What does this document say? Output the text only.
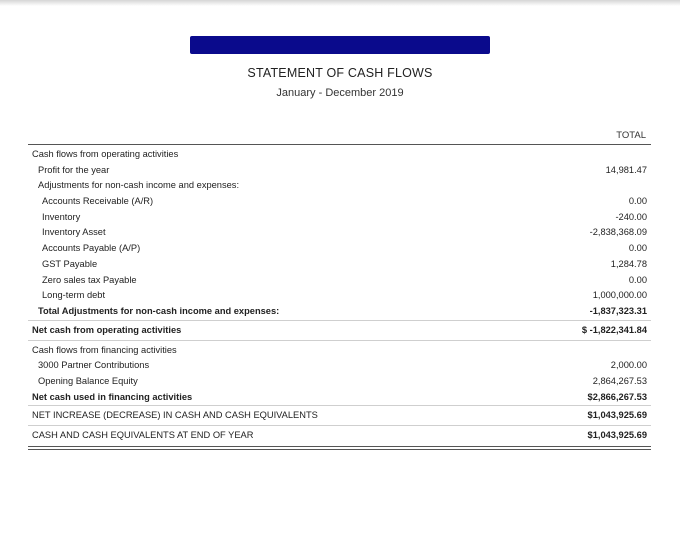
STATEMENT OF CASH FLOWS
January - December 2019
TOTAL
Cash flows from operating activities
Profit for the year	14,981.47
Adjustments for non-cash income and expenses:
Accounts Receivable (A/R)	0.00
Inventory	-240.00
Inventory Asset	-2,838,368.09
Accounts Payable (A/P)	0.00
GST Payable	1,284.78
Zero sales tax Payable	0.00
Long-term debt	1,000,000.00
Total Adjustments for non-cash income and expenses:	-1,837,323.31
Net cash from operating activities	$ -1,822,341.84
Cash flows from financing activities
3000 Partner Contributions	2,000.00
Opening Balance Equity	2,864,267.53
Net cash used in financing activities	$2,866,267.53
NET INCREASE (DECREASE) IN CASH AND CASH EQUIVALENTS	$1,043,925.69
CASH AND CASH EQUIVALENTS AT END OF YEAR	$1,043,925.69
